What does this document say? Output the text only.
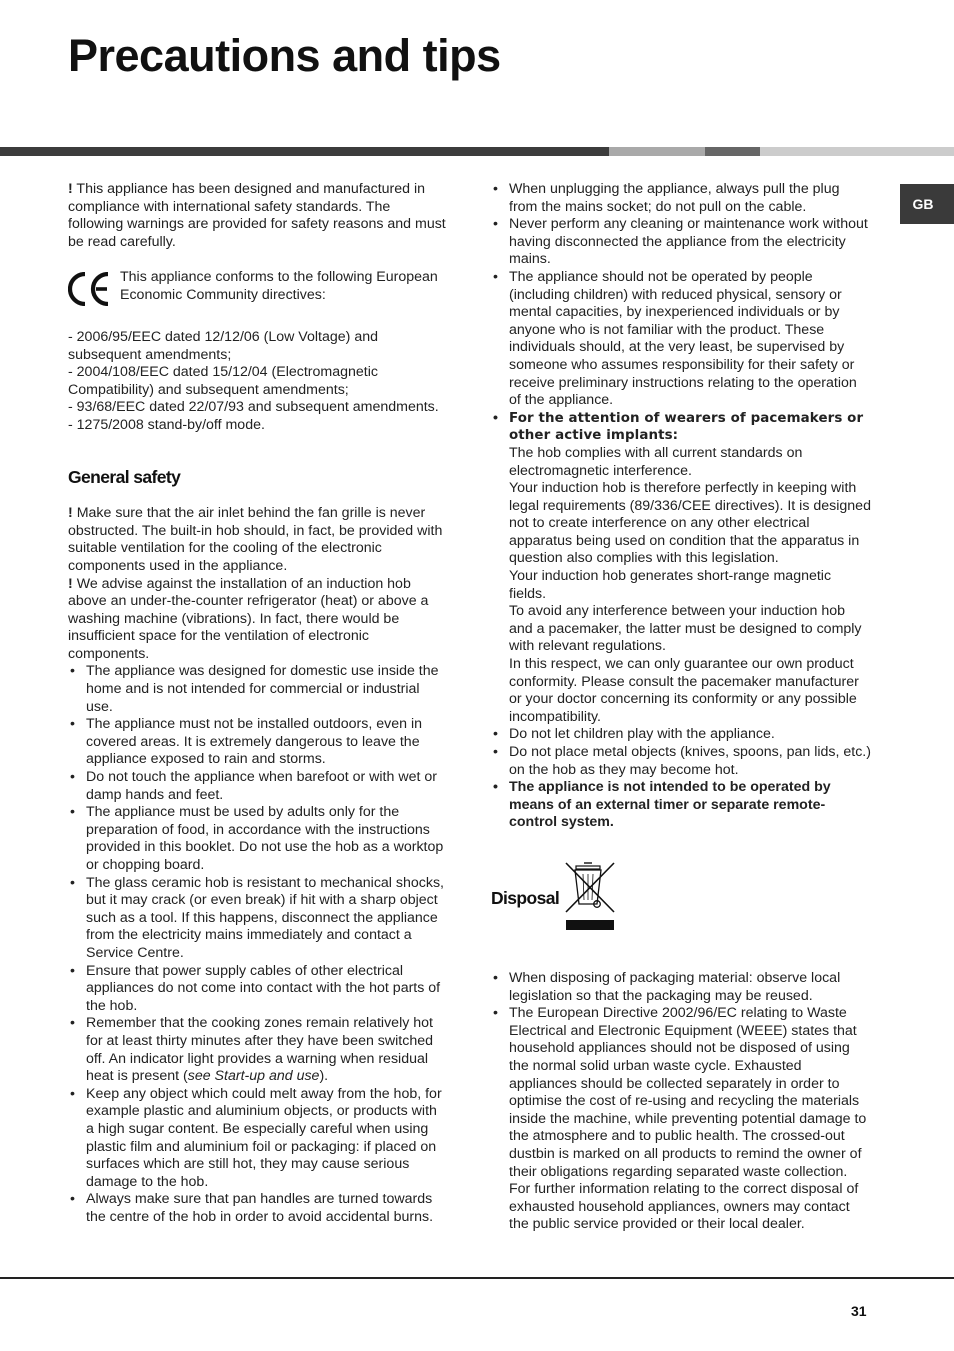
Precautions and tips
GB

! This appliance has been designed and manufactured in compliance with international safety standards. The following warnings are provided for safety reasons and must be read carefully.

This appliance conforms to the following European Economic Community directives:

- 2006/95/EEC dated 12/12/06 (Low Voltage) and subsequent amendments;

- 2004/108/EEC dated 15/12/04 (Electromagnetic Compatibility) and subsequent amendments;

- 93/68/EEC dated 22/07/93 and subsequent amendments.

- 1275/2008 stand-by/off mode.

General safety

! Make sure that the air inlet behind the fan grille is never obstructed. The built-in hob should, in fact, be provided with suitable ventilation for the cooling of the electronic components used in the appliance.

! We advise against the installation of an induction hob above an under-the-counter refrigerator (heat) or above a washing machine (vibrations). In fact, there would be insufficient space for the ventilation of electronic components.

• The appliance was designed for domestic use inside the home and is not intended for commercial or industrial use.
• The appliance must not be installed outdoors, even in covered areas. It is extremely dangerous to leave the appliance exposed to rain and storms.
• Do not touch the appliance when barefoot or with wet or damp hands and feet.
• The appliance must be used by adults only for the preparation of food, in accordance with the instructions provided in this booklet. Do not use the hob as a worktop or chopping board.
• The glass ceramic hob is resistant to mechanical shocks, but it may crack (or even break) if hit with a sharp object such as a tool. If this happens, disconnect the appliance from the electricity mains immediately and contact a Service Centre.
• Ensure that power supply cables of other electrical appliances do not come into contact with the hot parts of the hob.
• Remember that the cooking zones remain relatively hot for at least thirty minutes after they have been switched off. An indicator light provides a warning when residual heat is present (see Start-up and use).
• Keep any object which could melt away from the hob, for example plastic and aluminium objects, or products with a high sugar content. Be especially careful when using plastic film and aluminium foil or packaging: if placed on surfaces which are still hot, they may cause serious damage to the hob.
• Always make sure that pan handles are turned towards the centre of the hob in order to avoid accidental burns.
• When unplugging the appliance, always pull the plug from the mains socket; do not pull on the cable.
• Never perform any cleaning or maintenance work without having disconnected the appliance from the electricity mains.
• The appliance should not be operated by people (including children) with reduced physical, sensory or mental capacities, by inexperienced individuals or by anyone who is not familiar with the product. These individuals should, at the very least, be supervised by someone who assumes responsibility for their safety or receive preliminary instructions relating to the operation of the appliance.
• For the attention of wearers of pacemakers or other active implants:

The hob complies with all current standards on electromagnetic interference.

Your induction hob is therefore perfectly in keeping with legal requirements (89/336/CEE directives). It is designed not to create interference on any other electrical apparatus being used on condition that the apparatus in question also complies with this legislation.

Your induction hob generates short-range magnetic fields.

To avoid any interference between your induction hob and a pacemaker, the latter must be designed to comply with relevant regulations.

In this respect, we can only guarantee our own product conformity. Please consult the pacemaker manufacturer or your doctor concerning its conformity or any possible incompatibility.

• Do not let children play with the appliance.
• Do not place metal objects (knives, spoons, pan lids, etc.) on the hob as they may become hot.
• The appliance is not intended to be operated by means of an external timer or separate remote-control system.
Disposal
• When disposing of packaging material: observe local legislation so that the packaging may be reused.

• The European Directive 2002/96/EC relating to Waste Electrical and Electronic Equipment (WEEE) states that household appliances should not be disposed of using the normal solid urban waste cycle. Exhausted appliances should be collected separately in order to optimise the cost of re-using and recycling the materials inside the machine, while preventing potential damage to the atmosphere and to public health. The crossed-out dustbin is marked on all products to remind the owner of their obligations regarding separated waste collection.

For further information relating to the correct disposal of exhausted household appliances, owners may contact the public service provided or their local dealer.

31
